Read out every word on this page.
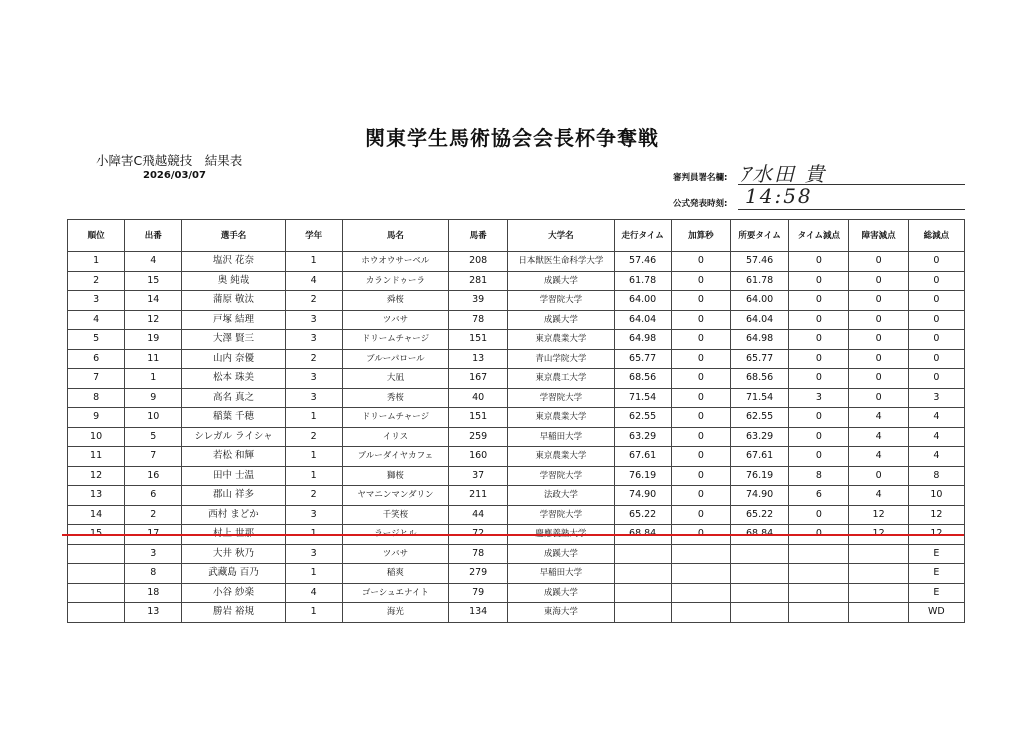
関東学生馬術協会会長杯争奪戦
小障害C飛越競技　結果表
2026/03/07	審判員署名欄: ｱ水田 貴
公式発表時刻: 14:58
順位	出番	選手名	学年	馬名	馬番	大学名	走行タイム	加算秒	所要タイム	タイム減点	障害減点	総減点
1	4	塩沢 花奈	1	ホウオウサーベル	208	日本獣医生命科学大学	57.46	0	57.46	0	0	0
2	15	奥 純哉	4	カランドゥーラ	281	成蹊大学	61.78	0	61.78	0	0	0
3	14	蒲原 敬汰	2	舜桜	39	学習院大学	64.00	0	64.00	0	0	0
4	12	戸塚 結理	3	ツバサ	78	成蹊大学	64.04	0	64.04	0	0	0
5	19	大澤 賢三	3	ドリームチャージ	151	東京農業大学	64.98	0	64.98	0	0	0
6	11	山内 奈優	2	ブルーパロール	13	青山学院大学	65.77	0	65.77	0	0	0
7	1	松本 珠美	3	大凪	167	東京農工大学	68.56	0	68.56	0	0	0
8	9	高名 真之	3	秀桜	40	学習院大学	71.54	0	71.54	3	0	3
9	10	稲葉 千穂	1	ドリームチャージ	151	東京農業大学	62.55	0	62.55	0	4	4
10	5	シレガル ライシャ	2	イリス	259	早稲田大学	63.29	0	63.29	0	4	4
11	7	若松 和輝	1	ブルーダイヤカフェ	160	東京農業大学	67.61	0	67.61	0	4	4
12	16	田中 士温	1	獅桜	37	学習院大学	76.19	0	76.19	8	0	8
13	6	郡山 祥多	2	ヤマニンマンダリン	211	法政大学	74.90	0	74.90	6	4	10
14	2	西村 まどか	3	千笑桜	44	学習院大学	65.22	0	65.22	0	12	12
15	17	村上 世那	1	ラージヒル	72	慶應義塾大学	68.84	0	68.84	0	12	12
	3	大井 秋乃	3	ツバサ	78	成蹊大学						E
	8	武藏島 百乃	1	稲爽	279	早稲田大学						E
	18	小谷 紗楽	4	ゴーシュエナイト	79	成蹊大学						E
	13	勝岩 裕規	1	海光	134	東海大学						WD
